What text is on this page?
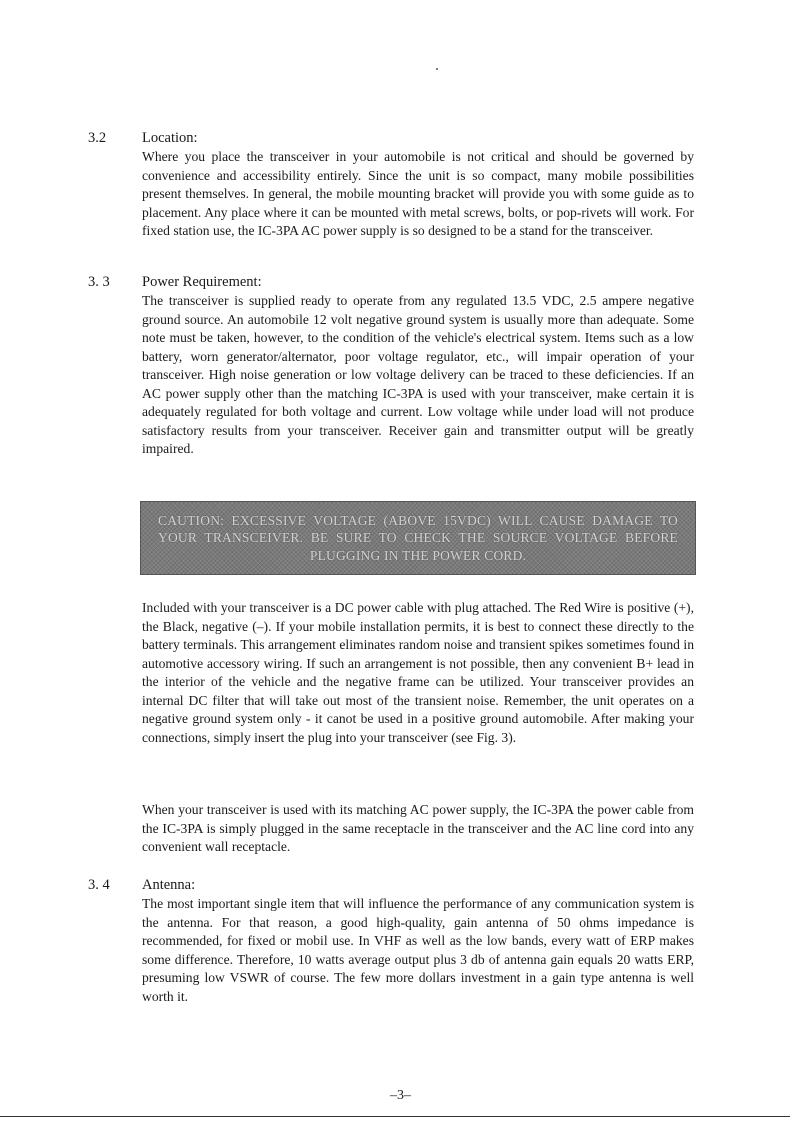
3.2 Location:

Where you place the transceiver in your automobile is not critical and should be governed by convenience and accessibility entirely. Since the unit is so compact, many mobile possibilities present themselves. In general, the mobile mounting bracket will provide you with some guide as to placement. Any place where it can be mounted with metal screws, bolts, or pop-rivets will work. For fixed station use, the IC-3PA AC power supply is so designed to be a stand for the transceiver.

3. 3 Power Requirement:

The transceiver is supplied ready to operate from any regulated 13.5 VDC, 2.5 ampere negative ground source. An automobile 12 volt negative ground system is usually more than adequate. Some note must be taken, however, to the condition of the vehicle's electrical system. Items such as a low battery, worn generator/alternator, poor voltage regulator, etc., will impair operation of your transceiver. High noise generation or low voltage delivery can be traced to these deficiencies. If an AC power supply other than the matching IC-3PA is used with your transceiver, make certain it is adequately regulated for both voltage and current. Low voltage while under load will not produce satisfactory results from your transceiver. Receiver gain and transmitter output will be greatly impaired.

CAUTION: EXCESSIVE VOLTAGE (ABOVE 15VDC) WILL CAUSE DAMAGE TO YOUR TRANSCEIVER. BE SURE TO CHECK THE SOURCE VOLTAGE BEFORE PLUGGING IN THE POWER CORD.

Included with your transceiver is a DC power cable with plug attached. The Red Wire is positive (+), the Black, negative (–). If your mobile installation permits, it is best to connect these directly to the battery terminals. This arrangement eliminates random noise and transient spikes sometimes found in automotive accessory wiring. If such an arrangement is not possible, then any convenient B+ lead in the interior of the vehicle and the negative frame can be utilized. Your transceiver provides an internal DC filter that will take out most of the transient noise. Remember, the unit operates on a negative ground system only - it canot be used in a positive ground automobile. After making your connections, simply insert the plug into your transceiver (see Fig. 3).

When your transceiver is used with its matching AC power supply, the IC-3PA the power cable from the IC-3PA is simply plugged in the same receptacle in the transceiver and the AC line cord into any convenient wall receptacle.

3. 4 Antenna:

The most important single item that will influence the performance of any communication system is the antenna. For that reason, a good high-quality, gain antenna of 50 ohms impedance is recommended, for fixed or mobil use. In VHF as well as the low bands, every watt of ERP makes some difference. Therefore, 10 watts average output plus 3 db of antenna gain equals 20 watts ERP, presuming low VSWR of course. The few more dollars investment in a gain type antenna is well worth it.

–3–
